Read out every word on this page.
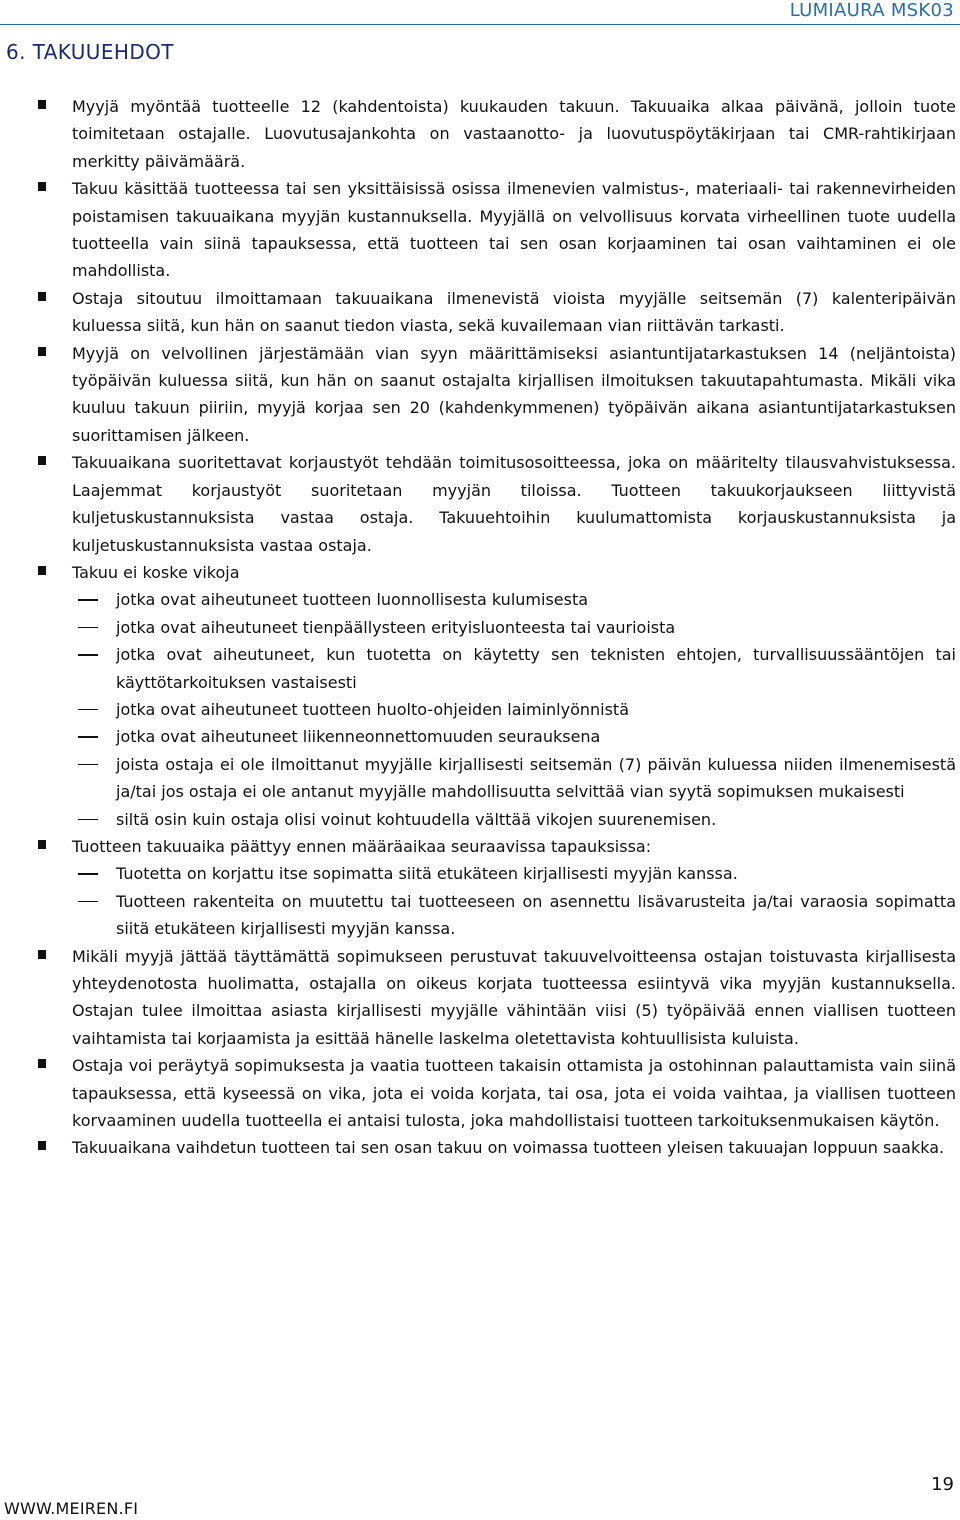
LUMIAURA MSK03
6. TAKUUEHDOT
Myyjä myöntää tuotteelle 12 (kahdentoista) kuukauden takuun. Takuuaika alkaa päivänä, jolloin tuote toimitetaan ostajalle. Luovutusajankohta on vastaanotto- ja luovutuspöytäkirjaan tai CMR-rahtikirjaan merkitty päivämäärä.
Takuu käsittää tuotteessa tai sen yksittäisissä osissa ilmenevien valmistus-, materiaali- tai rakennevirheiden poistamisen takuuaikana myyjän kustannuksella. Myyjällä on velvollisuus korvata virheellinen tuote uudella tuotteella vain siinä tapauksessa, että tuotteen tai sen osan korjaaminen tai osan vaihtaminen ei ole mahdollista.
Ostaja sitoutuu ilmoittamaan takuuaikana ilmenevistä vioista myyjälle seitsemän (7) kalenteripäivän kuluessa siitä, kun hän on saanut tiedon viasta, sekä kuvailemaan vian riittävän tarkasti.
Myyjä on velvollinen järjestämään vian syyn määrittämiseksi asiantuntijatarkastuksen 14 (neljäntoista) työpäivän kuluessa siitä, kun hän on saanut ostajalta kirjallisen ilmoituksen takuutapahtumasta. Mikäli vika kuuluu takuun piiriin, myyjä korjaa sen 20 (kahdenkymmenen) työpäivän aikana asiantuntijatarkastuksen suorittamisen jälkeen.
Takuuaikana suoritettavat korjaustyöt tehdään toimitusosoitteessa, joka on määritelty tilausvahvistuksessa. Laajemmat korjaustyöt suoritetaan myyjän tiloissa. Tuotteen takuukorjaukseen liittyvistä kuljetuskustannuksista vastaa ostaja. Takuuehtoihin kuulumattomista korjauskustannuksista ja kuljetuskustannuksista vastaa ostaja.
Takuu ei koske vikoja
jotka ovat aiheutuneet tuotteen luonnollisesta kulumisesta
jotka ovat aiheutuneet tienpäällysteen erityisluonteesta tai vaurioista
jotka ovat aiheutuneet, kun tuotetta on käytetty sen teknisten ehtojen, turvallisuussääntöjen tai käyttötarkoituksen vastaisesti
jotka ovat aiheutuneet tuotteen huolto-ohjeiden laiminlyönnistä
jotka ovat aiheutuneet liikenneonnettomuuden seurauksena
joista ostaja ei ole ilmoittanut myyjälle kirjallisesti seitsemän (7) päivän kuluessa niiden ilmenemisestä ja/tai jos ostaja ei ole antanut myyjälle mahdollisuutta selvittää vian syytä sopimuksen mukaisesti
siltä osin kuin ostaja olisi voinut kohtuudella välttää vikojen suurenemisen.
Tuotteen takuuaika päättyy ennen määräaikaa seuraavissa tapauksissa:
Tuotetta on korjattu itse sopimatta siitä etukäteen kirjallisesti myyjän kanssa.
Tuotteen rakenteita on muutettu tai tuotteeseen on asennettu lisävarusteita ja/tai varaosia sopimatta siitä etukäteen kirjallisesti myyjän kanssa.
Mikäli myyjä jättää täyttämättä sopimukseen perustuvat takuuvelvoitteensa ostajan toistuvasta kirjallisesta yhteydenotosta huolimatta, ostajalla on oikeus korjata tuotteessa esiintyvä vika myyjän kustannuksella. Ostajan tulee ilmoittaa asiasta kirjallisesti myyjälle vähintään viisi (5) työpäivää ennen viallisen tuotteen vaihtamista tai korjaamista ja esittää hänelle laskelma oletettavista kohtuullisista kuluista.
Ostaja voi peräytyä sopimuksesta ja vaatia tuotteen takaisin ottamista ja ostohinnan palauttamista vain siinä tapauksessa, että kyseessä on vika, jota ei voida korjata, tai osa, jota ei voida vaihtaa, ja viallisen tuotteen korvaaminen uudella tuotteella ei antaisi tulosta, joka mahdollistaisi tuotteen tarkoituksenmukaisen käytön.
Takuuaikana vaihdetun tuotteen tai sen osan takuu on voimassa tuotteen yleisen takuuajan loppuun saakka.
19
WWW.MEIREN.FI
